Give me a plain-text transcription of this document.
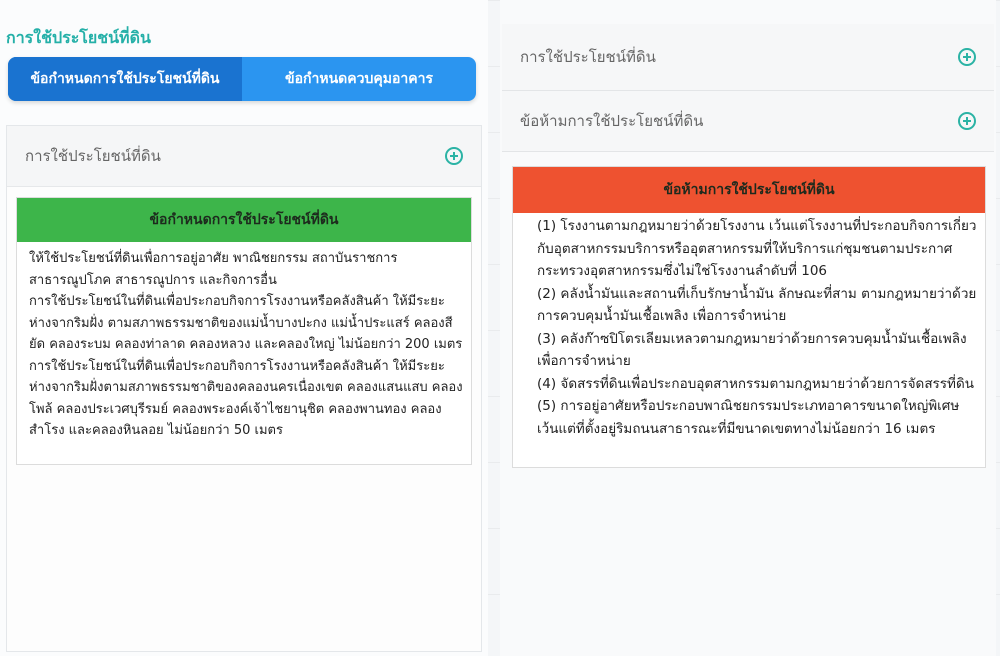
การใช้ประโยชน์ที่ดิน
ข้อกำหนดการใช้ประโยชน์ที่ดิน	ข้อกำหนดควบคุมอาคาร
การใช้ประโยชน์ที่ดิน
ข้อกำหนดการใช้ประโยชน์ที่ดิน

ให้ใช้ประโยชน์ที่ดินเพื่อการอยู่อาศัย พาณิชยกรรม สถาบันราชการ สาธารณูปโภค สาธารณูปการ และกิจการอื่น

การใช้ประโยชน์ในที่ดินเพื่อประกอบกิจการโรงงานหรือคลังสินค้า ให้มีระยะห่างจากริมฝั่ง ตามสภาพธรรมชาติของแม่น้ำบางปะกง แม่น้ำประแสร์ คลองสียัด คลองระบม คลองท่าลาด คลองหลวง และคลองใหญ่ ไม่น้อยกว่า 200 เมตร

การใช้ประโยชน์ในที่ดินเพื่อประกอบกิจการโรงงานหรือคลังสินค้า ให้มีระยะห่างจากริมฝั่งตามสภาพธรรมชาติของคลองนครเนื่องเขต คลองแสนแสบ คลองโพล้ คลองประเวศบุรีรมย์ คลองพระองค์เจ้าไชยานุชิต คลองพานทอง คลองสำโรง และคลองหินลอย ไม่น้อยกว่า 50 เมตร

การใช้ประโยชน์ที่ดิน
ข้อห้ามการใช้ประโยชน์ที่ดิน
ข้อห้ามการใช้ประโยชน์ที่ดิน

(1) โรงงานตามกฎหมายว่าด้วยโรงงาน เว้นแต่โรงงานที่ประกอบกิจการเกี่ยวกับอุตสาหกรรมบริการหรืออุตสาหกรรมที่ให้บริการแก่ชุมชนตามประกาศกระทรวงอุตสาหกรรมซึ่งไม่ใช่โรงงานลำดับที่ 106

(2) คลังน้ำมันและสถานที่เก็บรักษาน้ำมัน ลักษณะที่สาม ตามกฎหมายว่าด้วยการควบคุมน้ำมันเชื้อเพลิง เพื่อการจำหน่าย

(3) คลังก๊าซปิโตรเลียมเหลวตามกฎหมายว่าด้วยการควบคุมน้ำมันเชื้อเพลิงเพื่อการจำหน่าย

(4) จัดสรรที่ดินเพื่อประกอบอุตสาหกรรมตามกฎหมายว่าด้วยการจัดสรรที่ดิน

(5) การอยู่อาศัยหรือประกอบพาณิชยกรรมประเภทอาคารขนาดใหญ่พิเศษ เว้นแต่ที่ตั้งอยู่ริมถนนสาธารณะที่มีขนาดเขตทางไม่น้อยกว่า 16 เมตร
